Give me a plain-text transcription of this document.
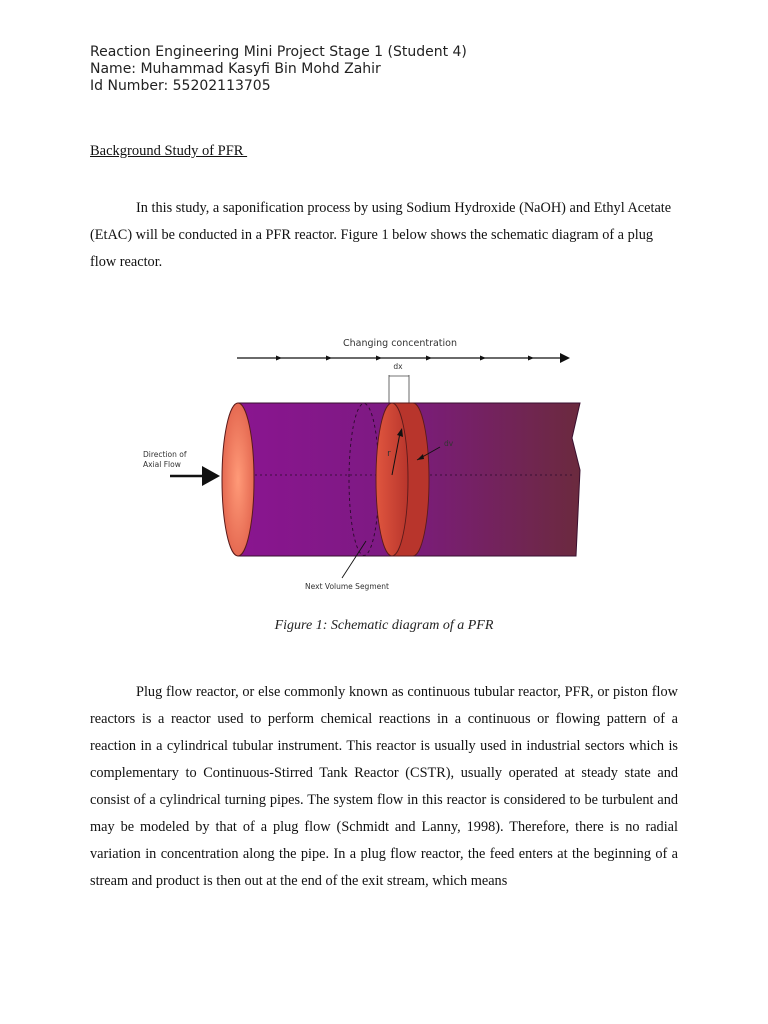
Reaction Engineering Mini Project Stage 1 (Student 4)
Name: Muhammad Kasyfi Bin Mohd Zahir
Id Number: 55202113705
Background Study of PFR

In this study, a saponification process by using Sodium Hydroxide (NaOH) and Ethyl Acetate (EtAC) will be conducted in a PFR reactor. Figure 1 below shows the schematic diagram of a plug flow reactor.

Changing concentration
dx
r
dv
Direction of
Axial Flow
Next Volume Segment
Figure 1: Schematic diagram of a PFR

Plug flow reactor, or else commonly known as continuous tubular reactor, PFR, or piston flow reactors is a reactor used to perform chemical reactions in a continuous or flowing pattern of a reaction in a cylindrical tubular instrument. This reactor is usually used in industrial sectors which is complementary to Continuous-Stirred Tank Reactor (CSTR), usually operated at steady state and consist of a cylindrical turning pipes. The system flow in this reactor is considered to be turbulent and may be modeled by that of a plug flow (Schmidt and Lanny, 1998). Therefore, there is no radial variation in concentration along the pipe. In a plug flow reactor, the feed enters at the beginning of a stream and product is then out at the end of the exit stream, which means
